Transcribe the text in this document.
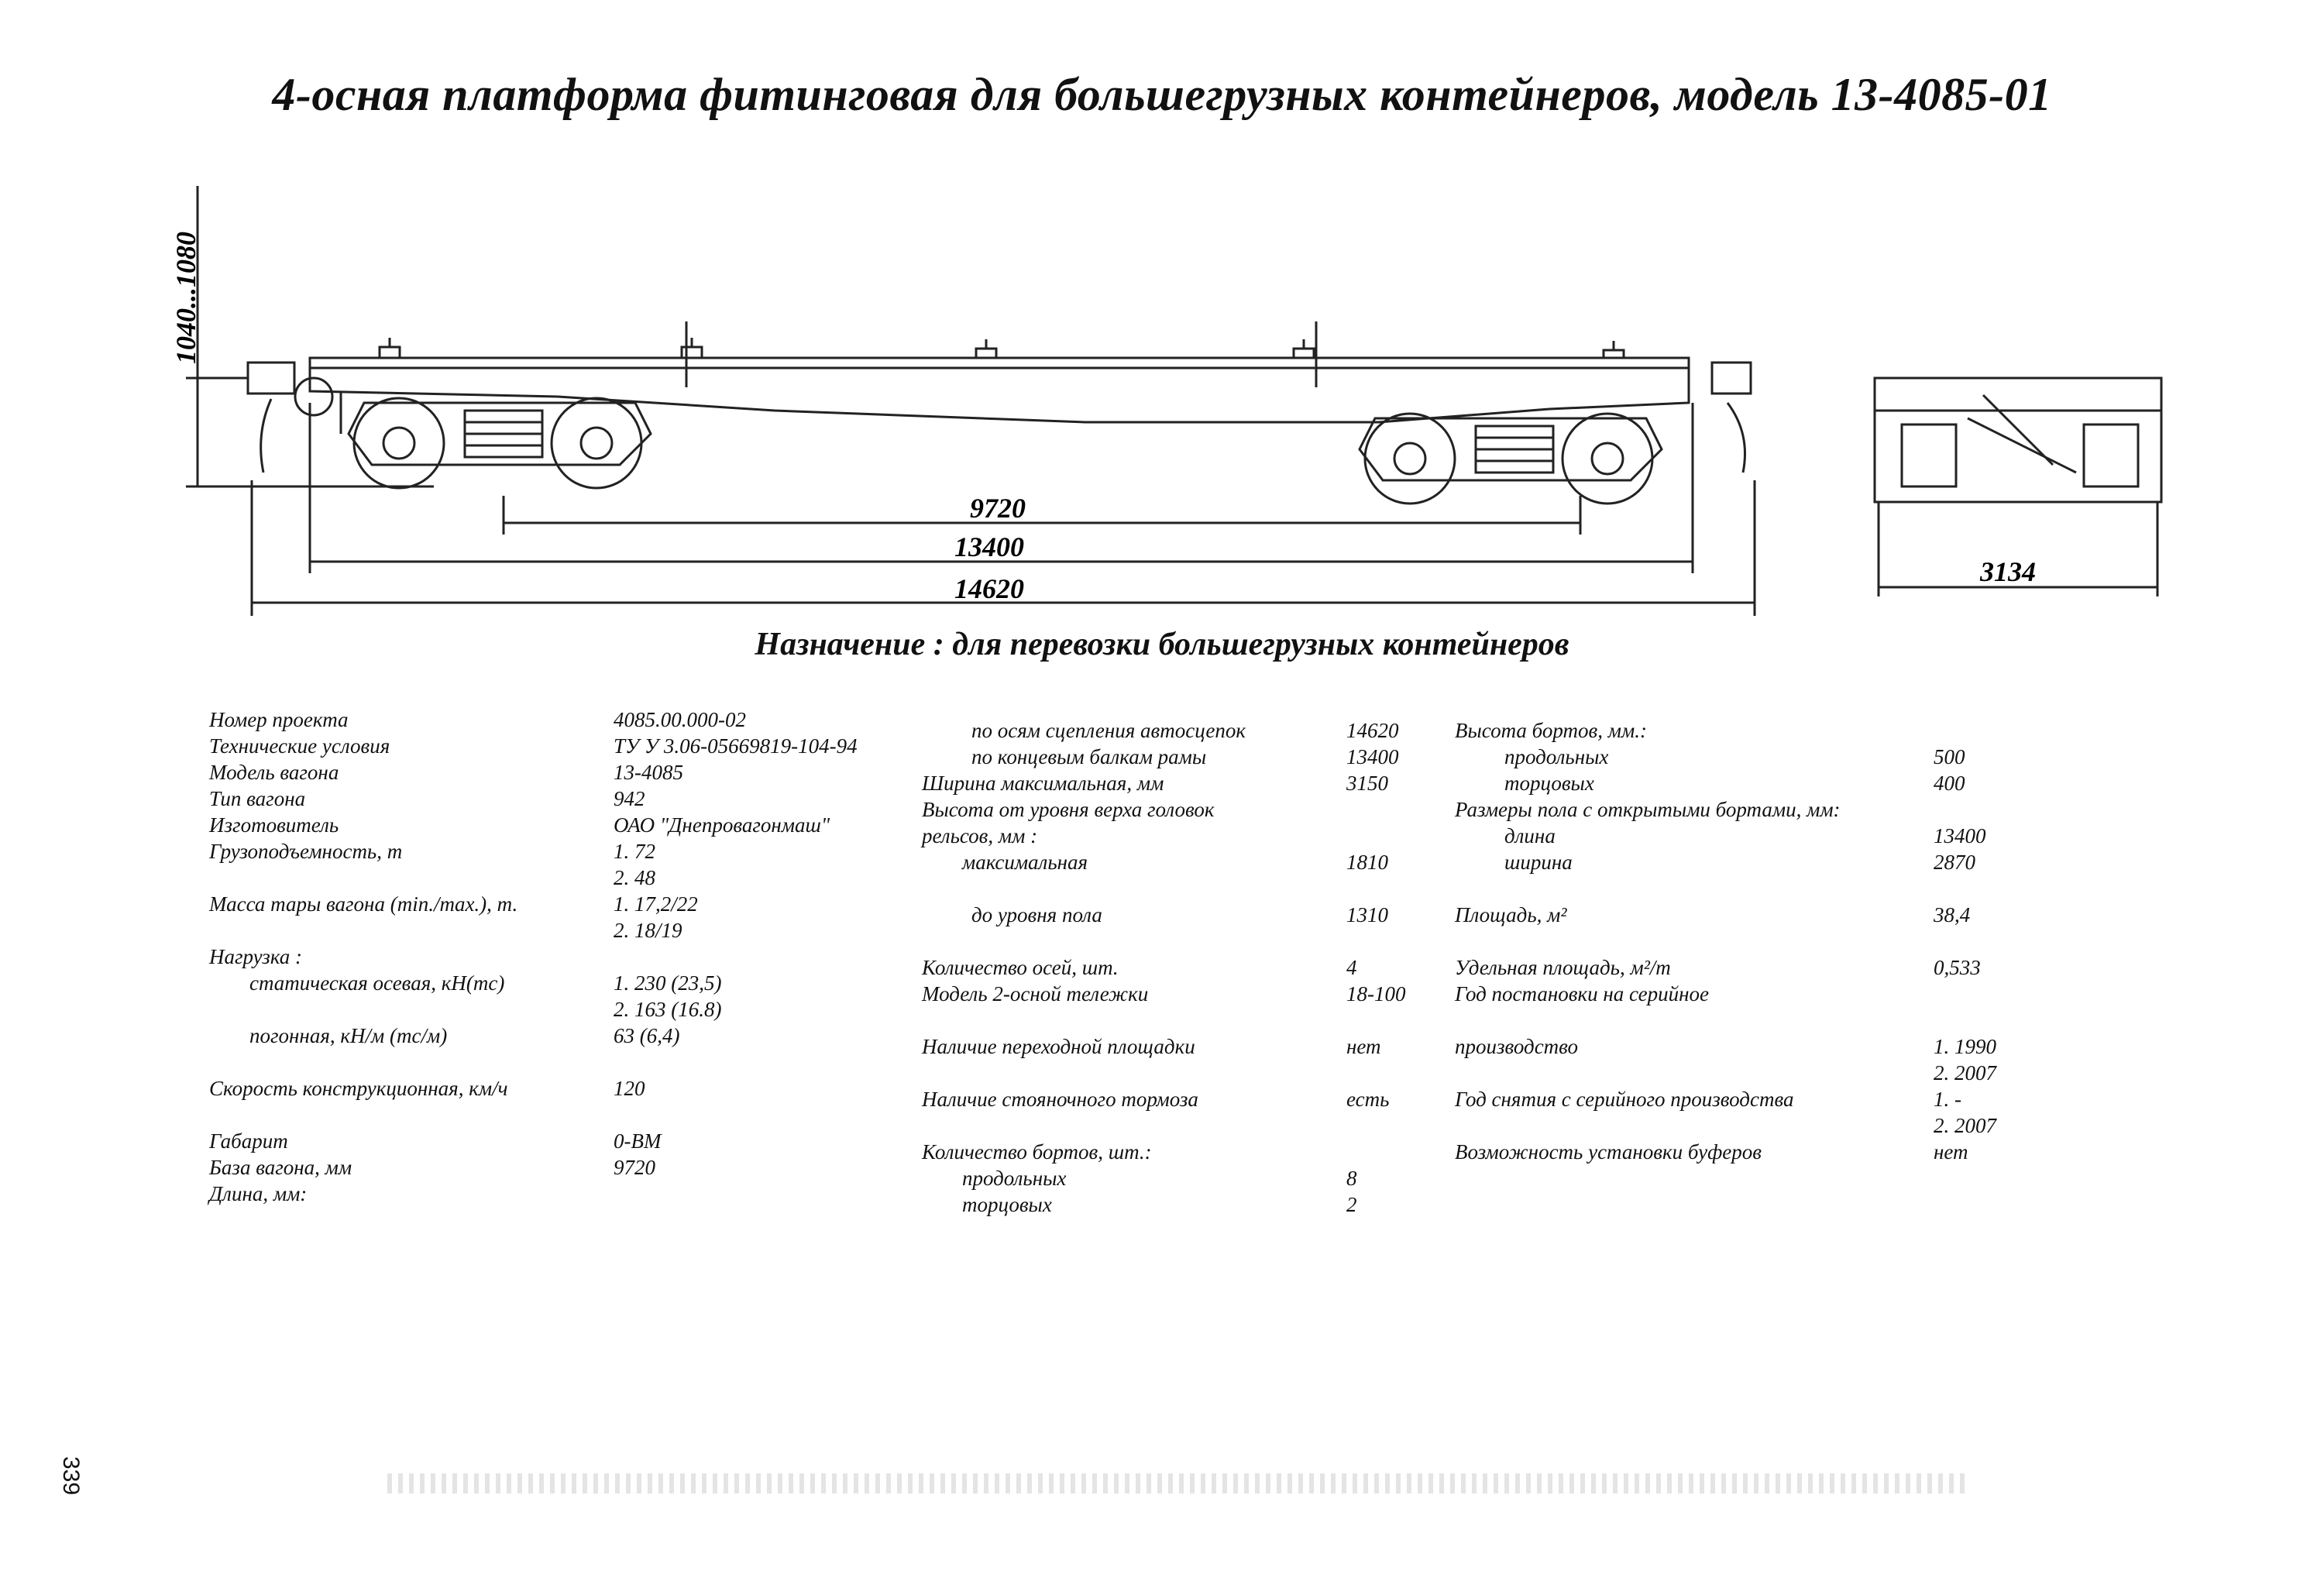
4-осная платформа фитинговая для большегрузных контейнеров, модель 13-4085-01
1040...1080
9720
13400
14620
3134
Назначение : для перевозки большегрузных контейнеров
Номер проекта	4085.00.000-02
Технические условия	ТУ У 3.06-05669819-104-94
Модель вагона	13-4085
Тип вагона	942
Изготовитель	ОАО "Днепровагонмаш"
Грузоподъемность, т	1. 72
2. 48
Масса тары вагона (min./max.), т.	1. 17,2/22
2. 18/19
Нагрузка :
статическая осевая, кН(тс)	1. 230 (23,5)
2. 163 (16.8)
погонная, кН/м (тс/м)	63 (6,4)
Скорость конструкционная, км/ч	120
Габарит	0-ВМ
База вагона, мм	9720
Длина, мм:
по осям сцепления автосцепок	14620
по концевым балкам рамы	13400
Ширина максимальная, мм	3150
Высота от уровня верха головок
рельсов, мм :
максимальная	1810
до уровня пола	1310
Количество осей, шт.	4
Модель 2-осной тележки	18-100
Наличие переходной площадки	нет
Наличие стояночного тормоза	есть
Количество бортов, шт.:
продольных	8
торцовых	2
Высота бортов, мм.:
продольных	500
торцовых	400
Размеры пола с открытыми бортами, мм:
длина	13400
ширина	2870
Площадь, м²	38,4
Удельная площадь, м²/т	0,533
Год постановки на серийное
производство	1. 1990
2. 2007
Год снятия с серийного производства	1. -
2. 2007
Возможность установки буферов	нет
339
